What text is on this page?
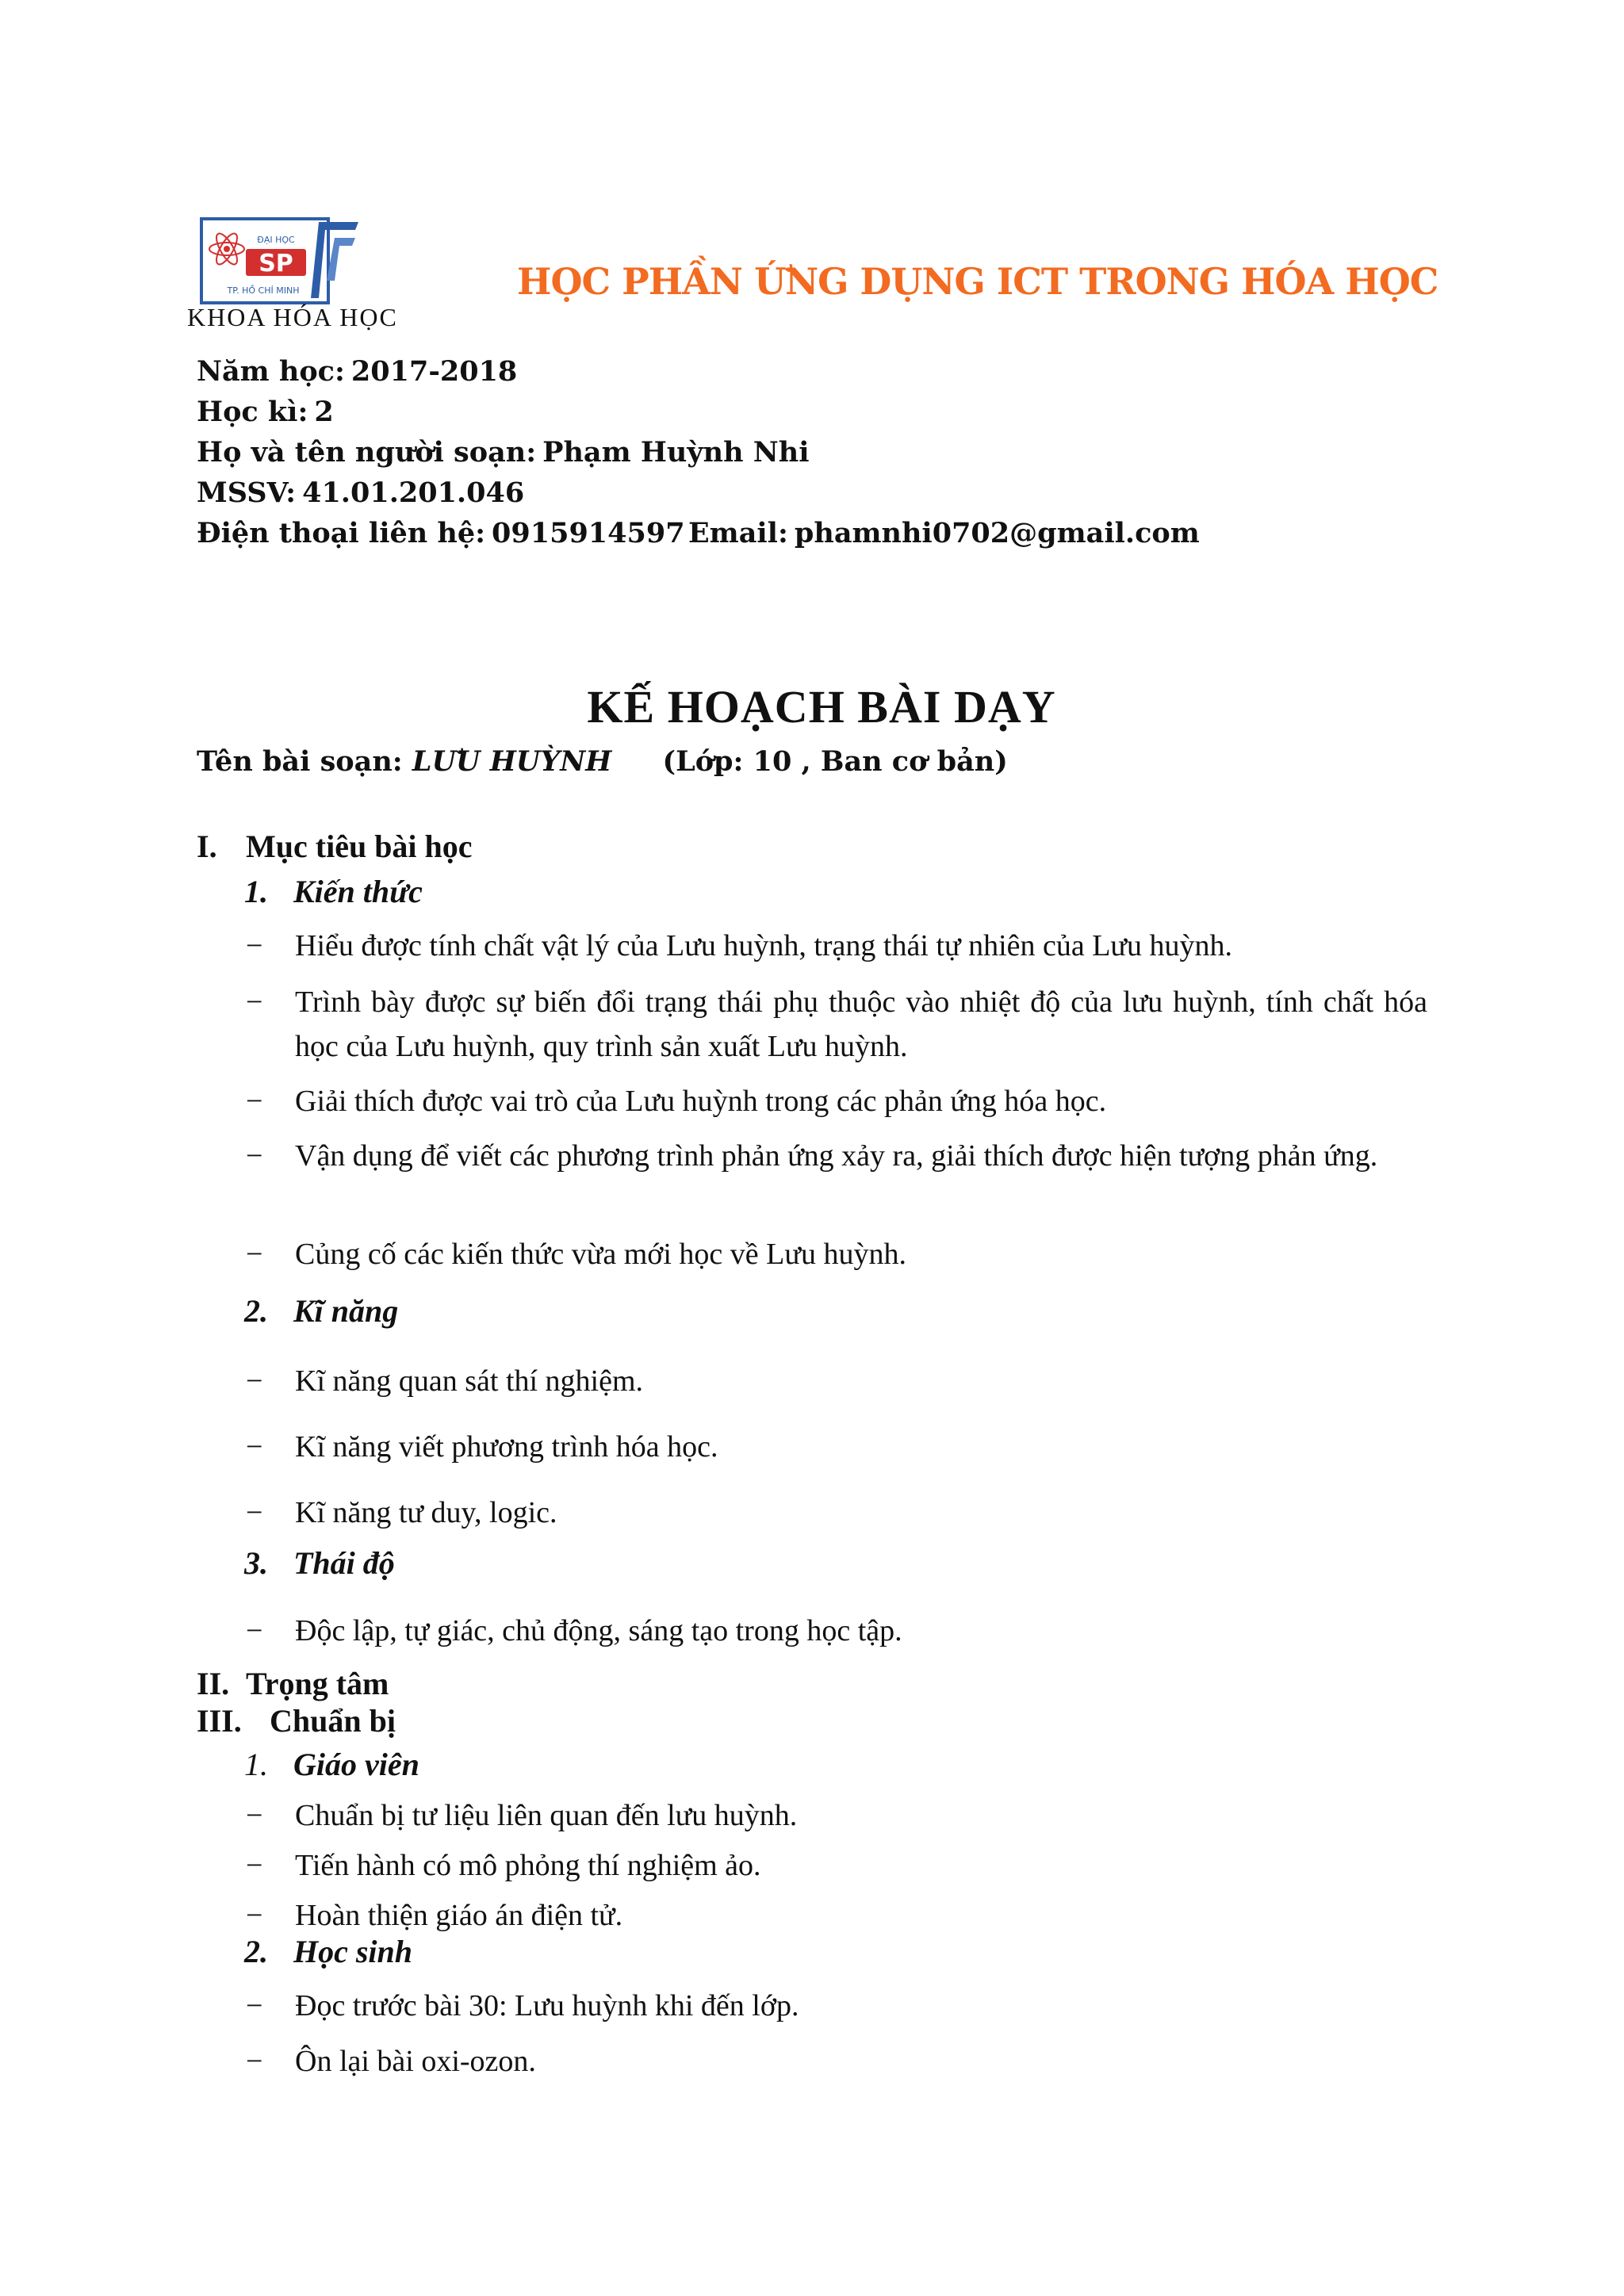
SP
ĐẠI HỌC
TP. HỒ CHÍ MINH
KHOA HÓA HỌC
HỌC PHẦN ỨNG DỤNG ICT TRONG HÓA HỌC
Năm học: 2017-2018
Học kì: 2
Họ và tên người soạn: Phạm Huỳnh Nhi
MSSV: 41.01.201.046
Điện thoại liên hệ: 0915914597 Email: phamnhi0702@gmail.com
KẾ HOẠCH BÀI DẠY
Tên bài soạn: LƯU HUỲNH (Lớp: 10 , Ban cơ bản)
I. Mục tiêu bài học
1. Kiến thức
− Hiểu được tính chất vật lý của Lưu huỳnh, trạng thái tự nhiên của Lưu huỳnh.
− Trình bày được sự biến đổi trạng thái phụ thuộc vào nhiệt độ của lưu huỳnh, tính chất hóa học của Lưu huỳnh, quy trình sản xuất Lưu huỳnh.
− Giải thích được vai trò của Lưu huỳnh trong các phản ứng hóa học.
− Vận dụng để viết các phương trình phản ứng xảy ra, giải thích được hiện tượng phản ứng.
− Củng cố các kiến thức vừa mới học về Lưu huỳnh.
2. Kĩ năng
− Kĩ năng quan sát thí nghiệm.
− Kĩ năng viết phương trình hóa học.
− Kĩ năng tư duy, logic.
3. Thái độ
− Độc lập, tự giác, chủ động, sáng tạo trong học tập.
II. Trọng tâm
III. Chuẩn bị
1. Giáo viên
− Chuẩn bị tư liệu liên quan đến lưu huỳnh.
− Tiến hành có mô phỏng thí nghiệm ảo.
− Hoàn thiện giáo án điện tử.
2. Học sinh
− Đọc trước bài 30: Lưu huỳnh khi đến lớp.
− Ôn lại bài oxi-ozon.
